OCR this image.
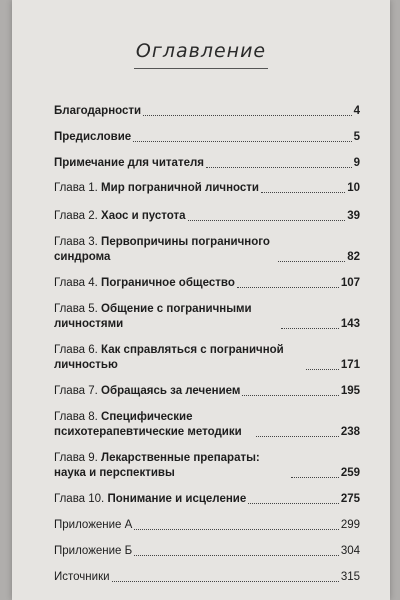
Оглавление
Благодарности	4
Предисловие	5
Примечание для читателя	9
Глава 1. Мир пограничной личности	10
Глава 2. Хаос и пустота	39
Глава 3. Первопричины пограничного синдрома	82
Глава 4. Пограничное общество	107
Глава 5. Общение с пограничными личностями	143
Глава 6. Как справляться с пограничной личностью	171
Глава 7. Обращаясь за лечением	195
Глава 8. Специфические психотерапевтические методики	238
Глава 9. Лекарственные препараты: наука и перспективы	259
Глава 10. Понимание и исцеление	275
Приложение А	299
Приложение Б	304
Источники	315
